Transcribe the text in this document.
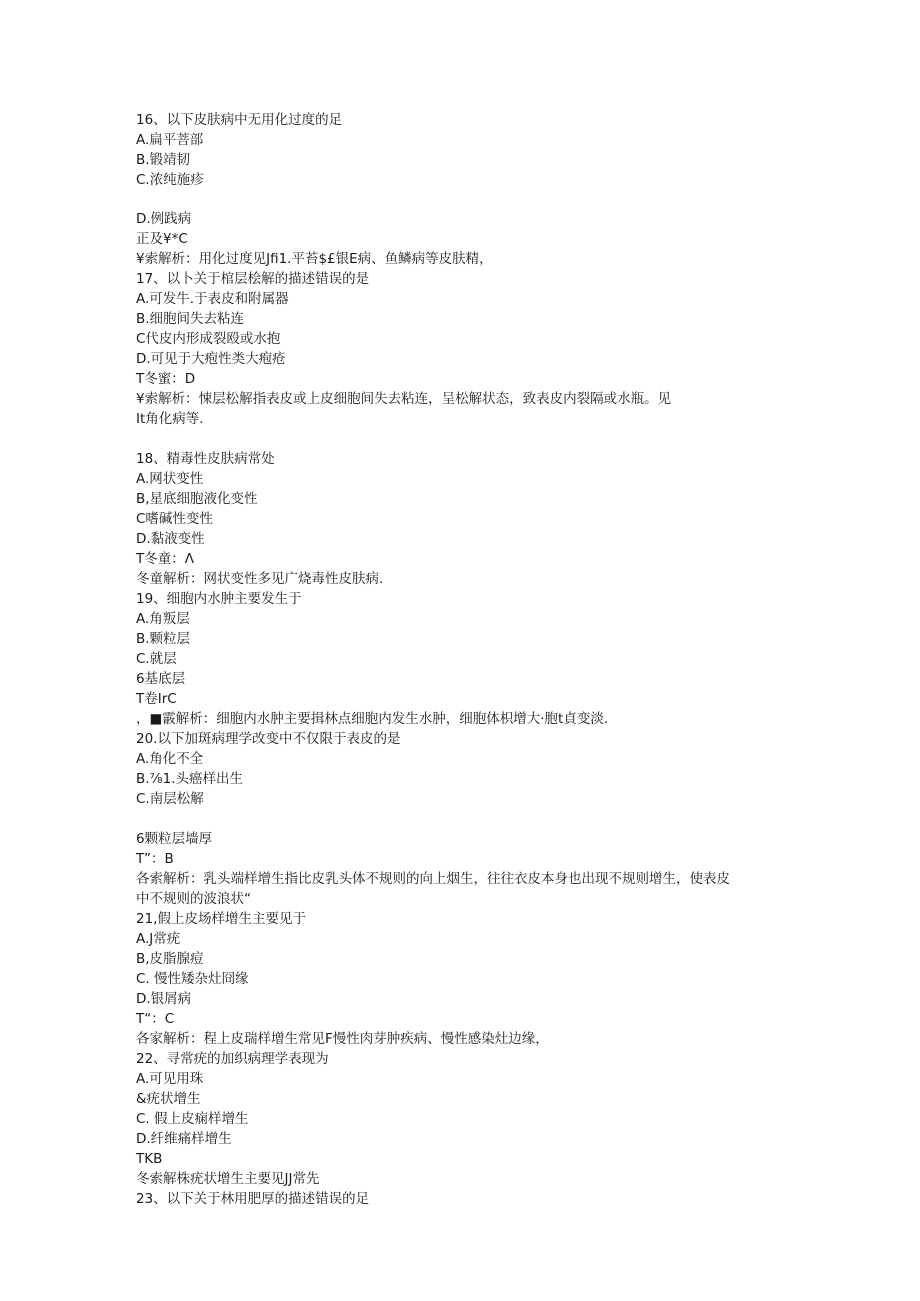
16、以下皮肤病中无用化过度的足
A.扁平菩部
B.锻靖韧
C.浓纯施疹
D.例践病
正及¥*C
¥索解析：用化过度见Jfi1.平苔$£银E病、鱼鳞病等皮肤精，
17、以卜关于棺层桧解的描述错误的是
A.可发牛.于表皮和附属器
B.细胞间失去粘连
C代皮内形成裂殴或水抱
D.可见于大疱性类大疱疮
T冬蜜：D
¥索解析：悚层松解指表皮或上皮细胞间失去粘连，呈松解状态，致表皮内裂隔或水瓶。见
It角化病等.
18、精毒性皮肤病常处
A.网状变性
B,星底细胞液化变性
C嗜碱性变性
D.黏液变性
T冬童：Λ
冬童解析：网状变性多见广烧毒性皮肤病.
19、细胞内水肿主要发生于
A.角叛层
B.颗粒层
C.就层
6基底层
T卷IrC
，■霰解析：细胞内水肿主要揖林点细胞内发生水肿，细胞体枳增大·胞t貞变淡.
20.以下加斑病理学改变中不仅限于表皮的是
A.角化不全
B.⅞1.头癌样出生
C.南层松解
6颗粒层墙厚
T”：B
各索解析：乳头端样增生指比皮乳头体不规则的向上烟生，往往衣皮本身也出现不规则增生，使表皮
中不规则的波浪状“
21,假上皮场样增生主要见于
A.J常疣
B,皮脂腺痘
C. 慢性矮杂灶冏缘
D.银屑病
T“：C
各家解析：程上皮瑞样增生常见F慢性肉芽肿疾病、慢性感染灶边缘，
22、寻常疣的加织病理学表现为
A.可见用珠
&疣状增生
C. 假上皮痫样增生
D.纤维痛样增生
TKB
冬索解株疣状增生主要见JJ常先
23、以下关于林用肥厚的描述错误的足
